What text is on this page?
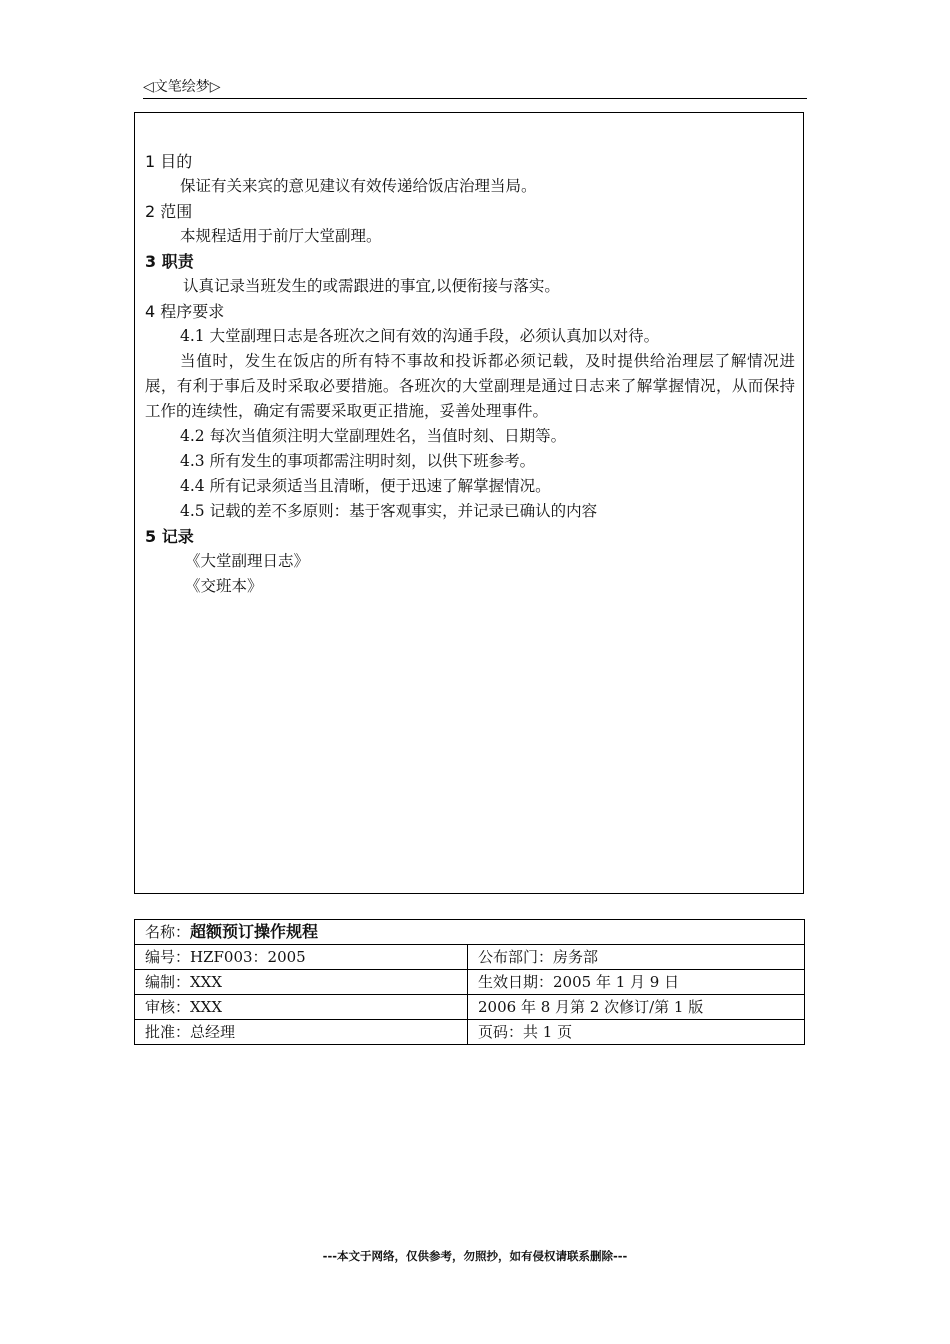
◁文笔绘梦▷

1 目的

保证有关来宾的意见建议有效传递给饭店治理当局。

2 范围

本规程适用于前厅大堂副理。

3 职责

认真记录当班发生的或需跟进的事宜,以便衔接与落实。

4 程序要求

4.1 大堂副理日志是各班次之间有效的沟通手段，必须认真加以对待。

当值时，发生在饭店的所有特不事故和投诉都必须记载，及时提供给治理层了解情况进展，有利于事后及时采取必要措施。各班次的大堂副理是通过日志来了解掌握情况，从而保持工作的连续性，确定有需要采取更正措施，妥善处理事件。

4.2 每次当值须注明大堂副理姓名，当值时刻、日期等。

4.3 所有发生的事项都需注明时刻，以供下班参考。

4.4 所有记录须适当且清晰，便于迅速了解掌握情况。

4.5 记载的差不多原则：基于客观事实，并记录已确认的内容

5 记录

《大堂副理日志》

《交班本》

名称：超额预订操作规程	
编号：HZF003：2005	公布部门：房务部
编制：XXX	生效日期：2005 年 1 月 9 日
审核：XXX	2006 年 8 月第 2 次修订/第 1 版
批准：总经理	页码：共 1 页
---本文于网络，仅供参考，勿照抄，如有侵权请联系删除---
